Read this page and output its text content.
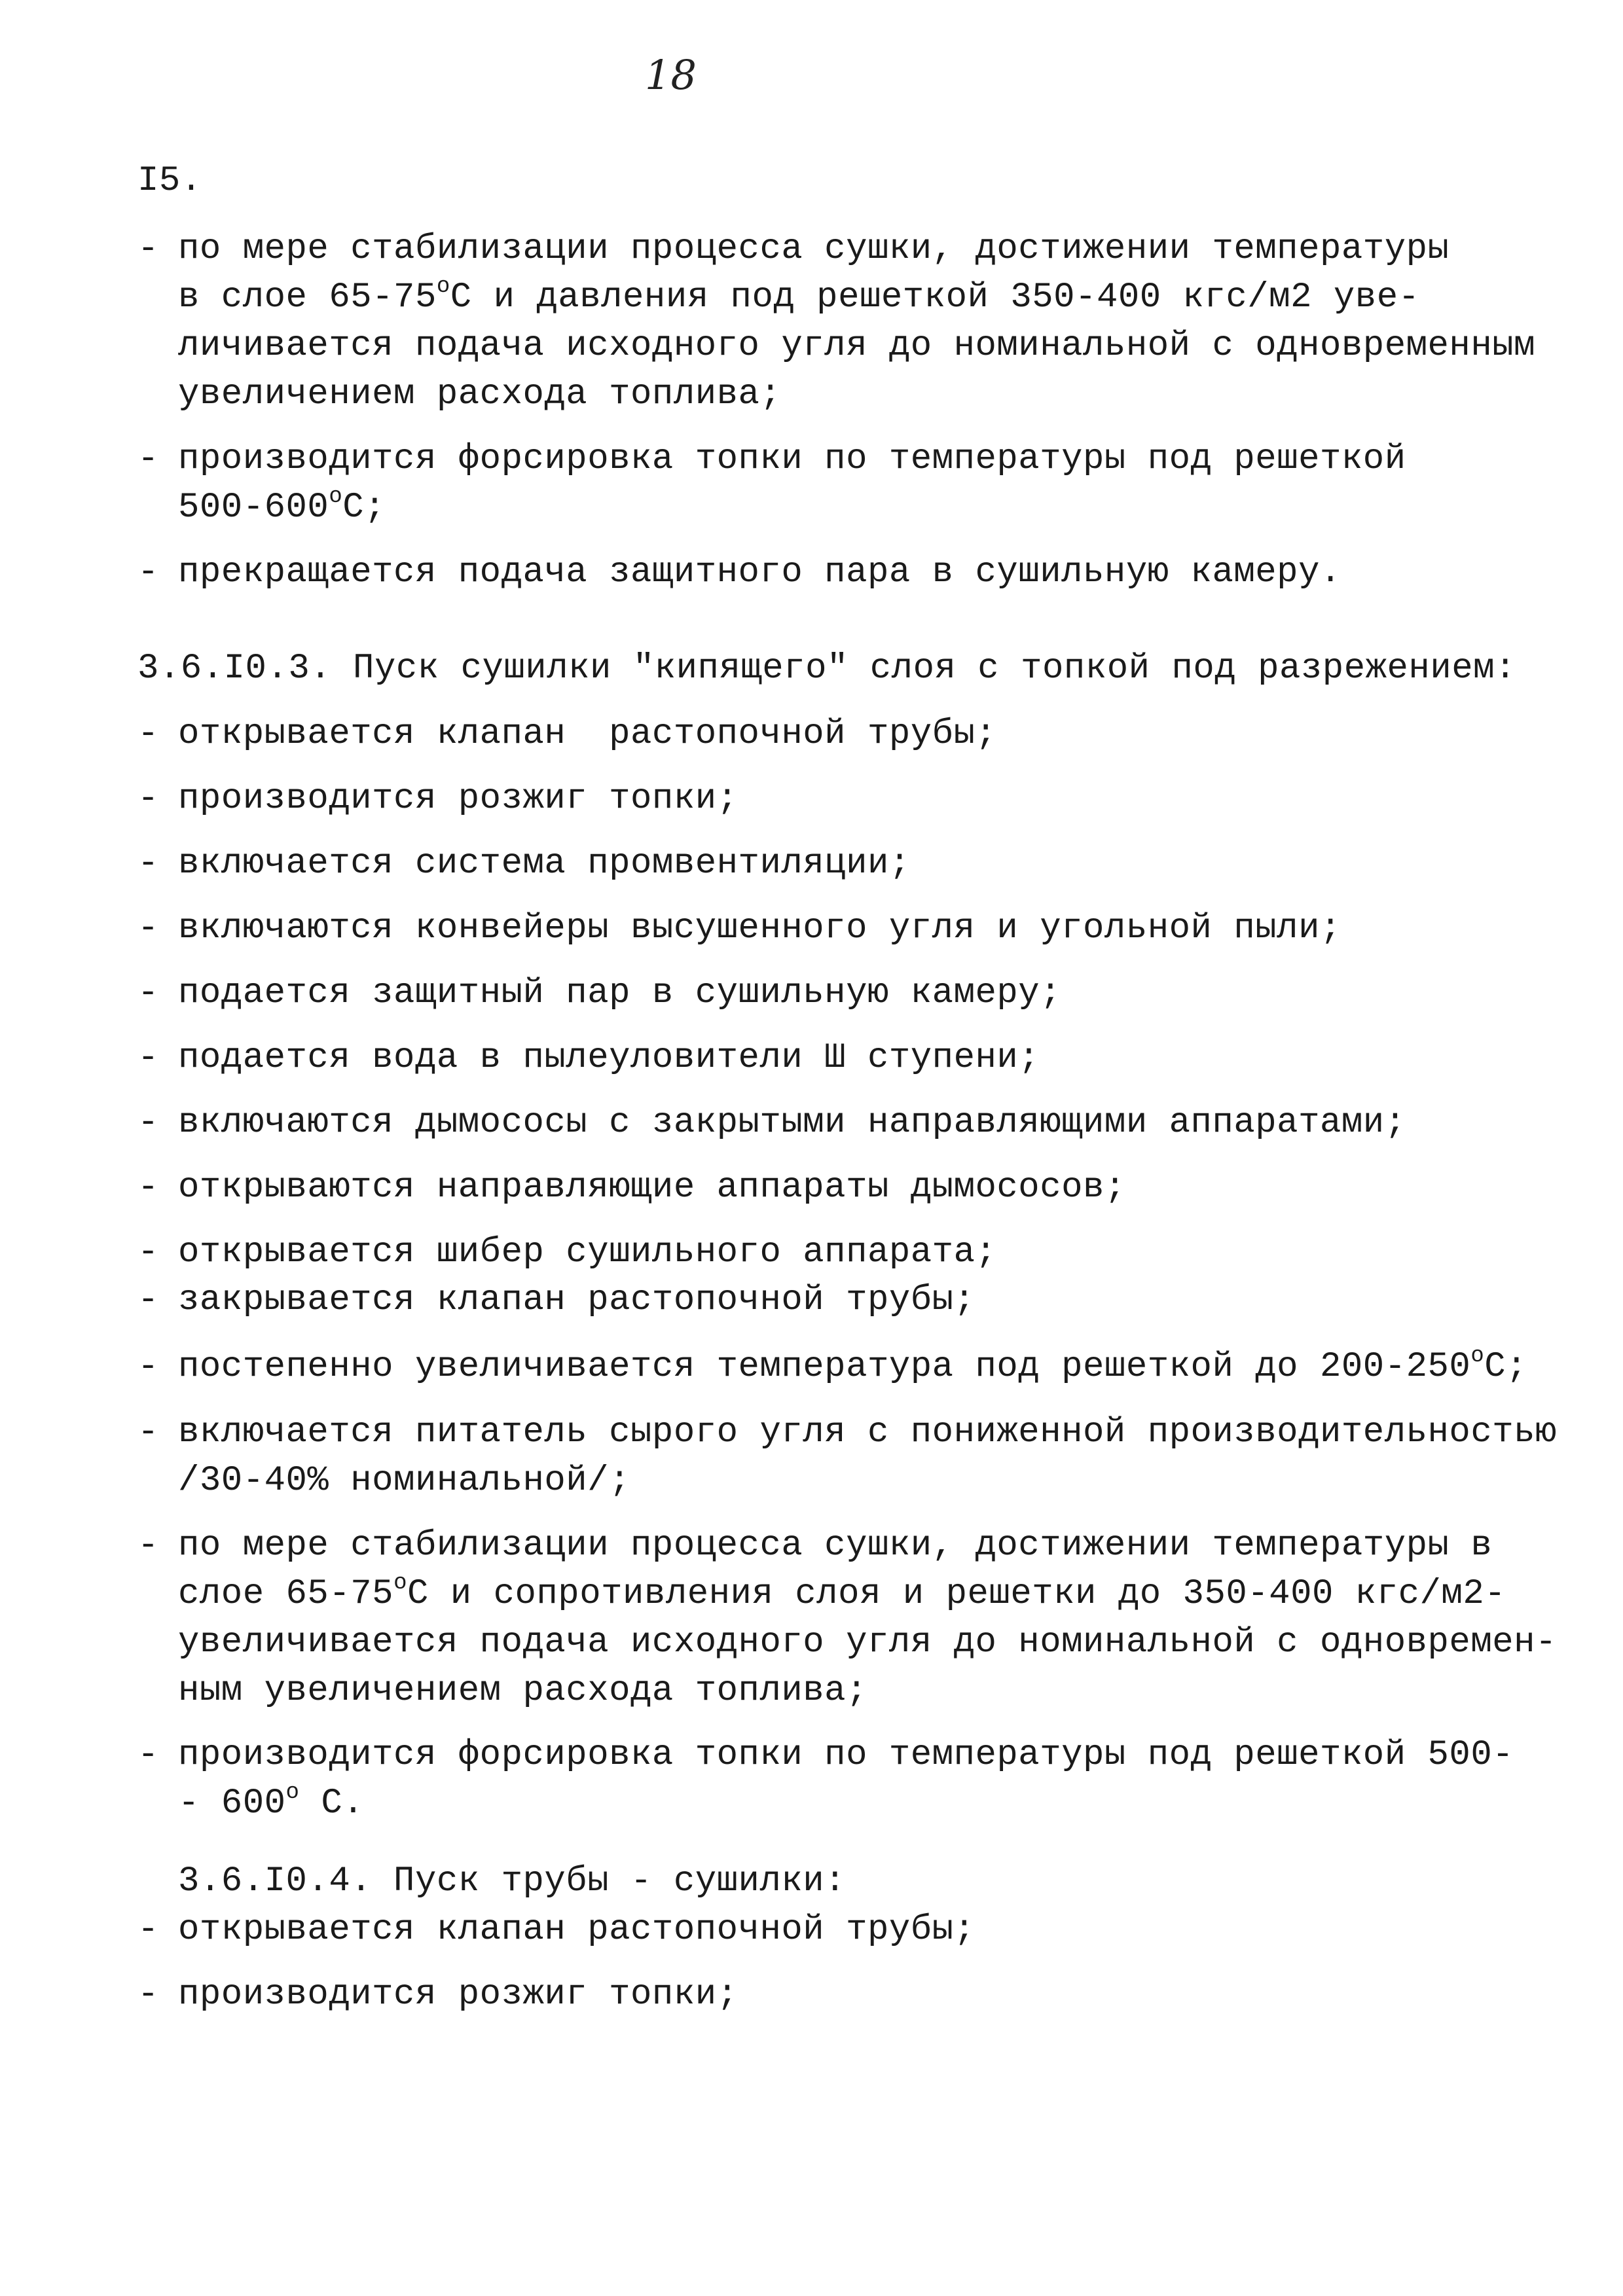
18
I5.
- по мере стабилизации процесса сушки, достижении температуры
в слое $65-75^оС$ и давления под решеткой 350-400 кгс/м2 уве-
личивается подача исходного угля до номинальной с одновременным
увеличением расхода топлива;
- производится форсировка топки по температуры под решеткой
$500-600^оС$;
- прекращается подача защитного пара в сушильную камеру.
3.6.I0.3. Пуск сушилки "кипящего" слоя с топкой под разрежением:
- открывается клапан  растопочной трубы;
- производится розжиг топки;
- включается система промвентиляции;
- включаются конвейеры высушенного угля и угольной пыли;
- подается защитный пар в сушильную камеру;
- подается вода в пылеуловители Ш ступени;
- включаются дымососы с закрытыми направляющими аппаратами;
- открываются направляющие аппараты дымососов;
- открывается шибер сушильного аппарата;
- закрывается клапан растопочной трубы;
- постепенно увеличивается температура под решеткой до $200-250^оС$;
- включается питатель сырого угля с пониженной производительностью
/30-40% номинальной/;
- по мере стабилизации процесса сушки, достижении температуры в
слое $65-75^оС$ и сопротивления слоя и решетки до 350-400 кгс/м2-
увеличивается подача исходного угля до номинальной с одновремен-
ным увеличением расхода топлива;
- производится форсировка топки по температуры под решеткой 500-
- $600^о$ С.
3.6.I0.4. Пуск трубы - сушилки:
- открывается клапан растопочной трубы;
- производится розжиг топки;
